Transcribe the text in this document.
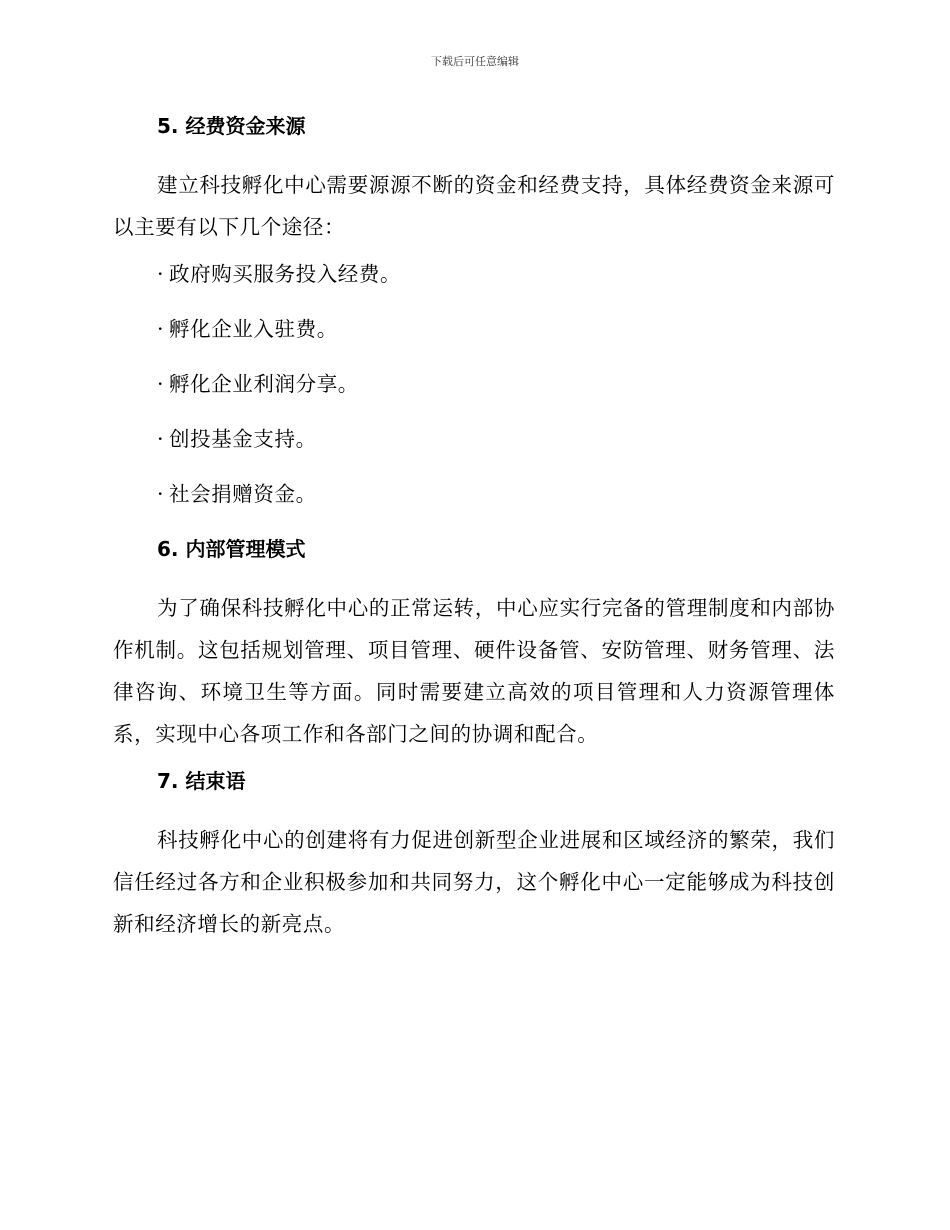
下载后可任意编辑
5. 经费资金来源

建立科技孵化中心需要源源不断的资金和经费支持，具体经费资金来源可以主要有以下几个途径：

· 政府购买服务投入经费。
· 孵化企业入驻费。
· 孵化企业利润分享。
· 创投基金支持。
· 社会捐赠资金。
6. 内部管理模式

为了确保科技孵化中心的正常运转，中心应实行完备的管理制度和内部协作机制。这包括规划管理、项目管理、硬件设备管、安防管理、财务管理、法律咨询、环境卫生等方面。同时需要建立高效的项目管理和人力资源管理体系，实现中心各项工作和各部门之间的协调和配合。

7. 结束语

科技孵化中心的创建将有力促进创新型企业进展和区域经济的繁荣，我们信任经过各方和企业积极参加和共同努力，这个孵化中心一定能够成为科技创新和经济增长的新亮点。
